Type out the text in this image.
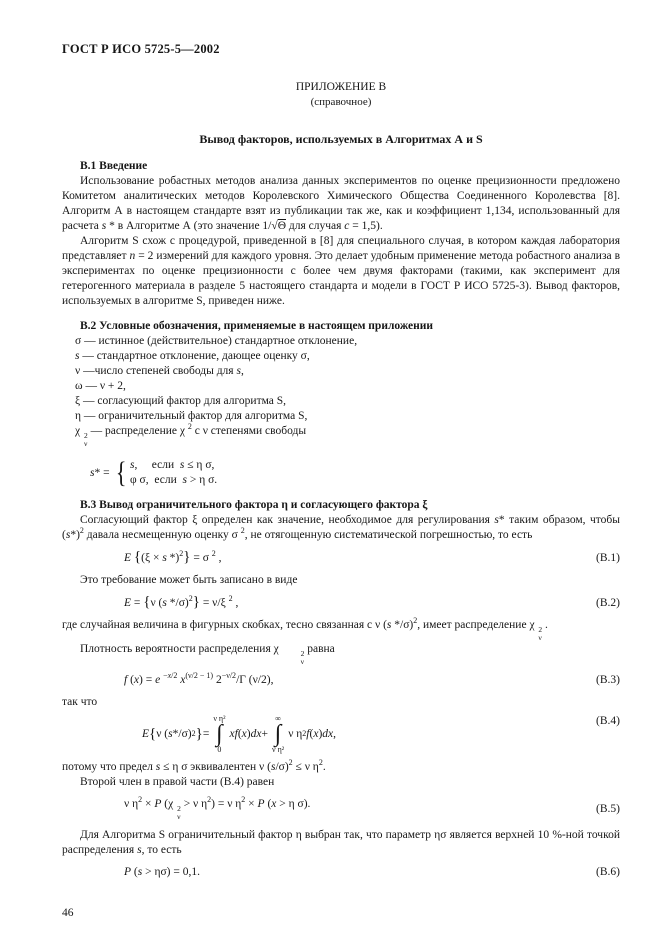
ГОСТ Р ИСО 5725-5—2002
ПРИЛОЖЕНИЕ В
(справочное)
Вывод факторов, используемых в Алгоритмах А и S
В.1 Введение

Использование робастных методов анализа данных экспериментов по оценке прецизионности предложено Комитетом аналитических методов Королевского Химического Общества Соединенного Королевства [8]. Алгоритм А в настоящем стандарте взят из публикации так же, как и коэффициент 1,134, использованный для расчета s * в Алгоритме А (это значение 1/√Θ для случая с = 1,5).

Алгоритм S схож с процедурой, приведенной в [8] для специального случая, в котором каждая лаборатория представляет n = 2 измерений для каждого уровня. Это делает удобным применение метода робастного анализа в экспериментах по оценке прецизионности с более чем двумя факторами (такими, как эксперимент для гетерогенного материала в разделе 5 настоящего стандарта и модели в ГОСТ Р ИСО 5725-3). Вывод факторов, используемых в алгоритме S, приведен ниже.

В.2 Условные обозначения, применяемые в настоящем приложении
σ — истинное (действительное) стандартное отклонение,
s — стандартное отклонение, дающее оценку σ,
ν —число степеней свободы для s,
ω — ν + 2,
ξ — согласующий фактор для алгоритма S,
η — ограничительный фактор для алгоритма S,
χ 2
ν
— распределение χ $^2$ с ν степенями свободы
s* = { s,     если  s ≤ η σ,
φ σ,  если  s > η σ.
В.3 Вывод ограничительного фактора η и согласующего фактора ξ

Согласующий фактор ξ определен как значение, необходимое для регулирования s* таким образом, чтобы $(s*)^2$ давала несмещенную оценку σ $^2$, не отягощенную систематической погрешностью, то есть

E {(ξ × s *)$^2$} = σ $^2$ ,	(В.1)

Это требование может быть записано в виде

E = {ν (s */σ)$^2$} = ν/ξ $^2$ ,	(В.2)

где случайная величина в фигурных скобках, тесно связанная с ν (s */σ)$^2$, имеет распределение χ 2
ν
.

Плотность вероятности распределения χ	2
ν
равна

f (x) = e $^{-x/2}$ $x^{(\nu/2 - 1)}$ $2^{-\nu/2}/\Gamma$ (ν/2),	(В.3)

так что

E { ν ( s */σ) 2 } =
ν η²
∫
0
xf ( x ) dx +
∞
∫
ν η²
ν η 2 f ( x ) dx ,
(В.4)

потому что предел s ≤ η σ эквивалентен ν $(s/\sigma)^2 \le \nu$ $\eta^2$.

Второй член в правой части (В.4) равен

ν $\eta^2 \times P$ (χ 2
ν
> ν $\eta^2) = \nu$ $\eta^2 \times P$ (x > η σ).	(В.5)

Для Алгоритма S ограничительный фактор η выбран так, что параметр ησ является верхней 10 %-ной точкой распределения s, то есть

P (s > ησ) = 0,1.	(В.6)
46
